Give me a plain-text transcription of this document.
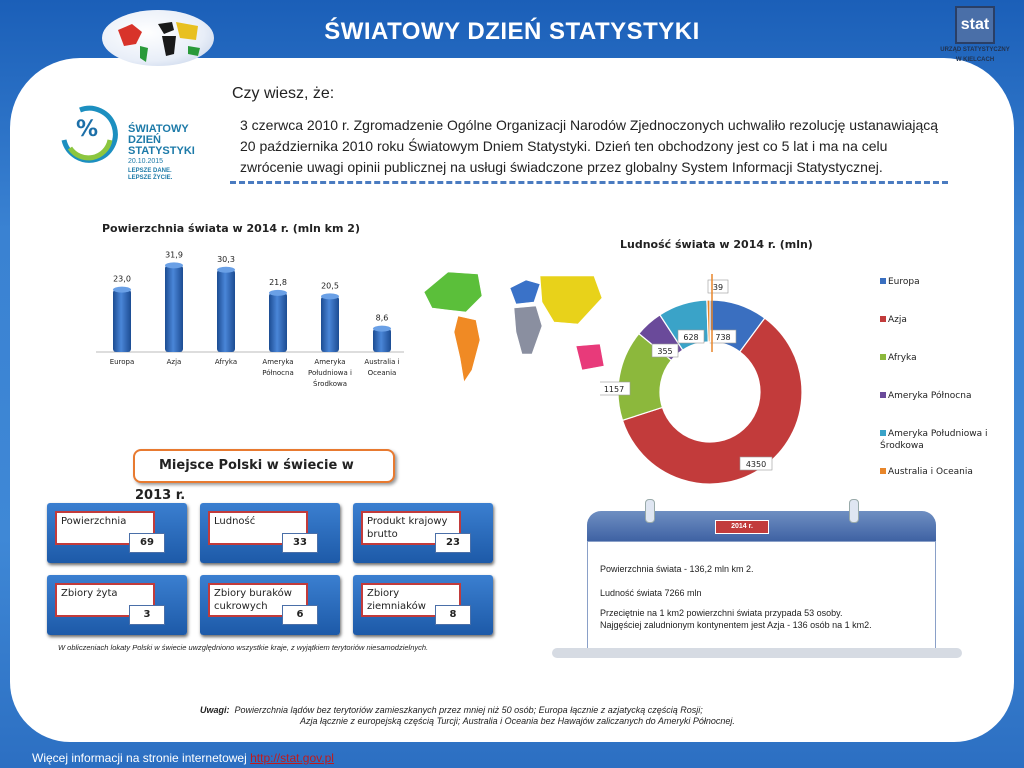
ŚWIATOWY DZIEŃ STATYSTYKI	stat
URZĄD STATYSTYCZNY
W KIELCACH
%	ŚWIATOWY
DZIEŃ
STATYSTYKI
20.10.2015
LEPSZE DANE.
LEPSZE ŻYCIE.
Czy wiesz, że:
3 czerwca 2010 r. Zgromadzenie Ogólne Organizacji Narodów Zjednoczonych uchwaliło rezolucję ustanawiającą 20 października 2010 roku Światowym Dniem Statystyki. Dzień ten obchodzony jest co 5 lat i ma na celu zwrócenie uwagi opinii publicznej na usługi świadczone przez globalny System Informacji Statystycznej.
Powierzchnia świata w 2014 r. (mln km 2)
23,0
Europa
31,9
Azja
30,3
Afryka
21,8
Ameryka
Północna
20,5
Ameryka
Południowa i
Środkowa
8,6
Australia i
Oceania
Ludność świata w 2014 r. (mln)
738
4350
1157
355
628
39
Europa
Azja
Afryka
Ameryka Północna
Ameryka Południowa i
Środkowa
Australia i Oceania
Miejsce Polski w świecie w 2013 r.
Powierzchnia
69
Ludność
33
Produkt krajowy brutto
23
Zbiory żyta
3
Zbiory buraków cukrowych
6
Zbiory ziemniaków
8
W obliczeniach lokaty Polski w świecie uwzględniono wszystkie kraje, z wyjątkiem terytoriów niesamodzielnych.
2014 r.
Powierzchnia świata - 136,2 mln km 2.
Ludność świata 7266 mln
Przeciętnie na 1 km2 powierzchni świata przypada 53 osoby.
Najgęściej zaludnionym kontynentem jest Azja - 136 osób na 1 km2.
Uwagi: Powierzchnia lądów bez terytoriów zamieszkanych przez mniej niż 50 osób; Europa łącznie z azjatycką częścią Rosji;
Azja łącznie z europejską częścią Turcji; Australia i Oceania bez Hawajów zaliczanych do Ameryki Północnej.
Więcej informacji na stronie internetowej http://stat.gov.pl
